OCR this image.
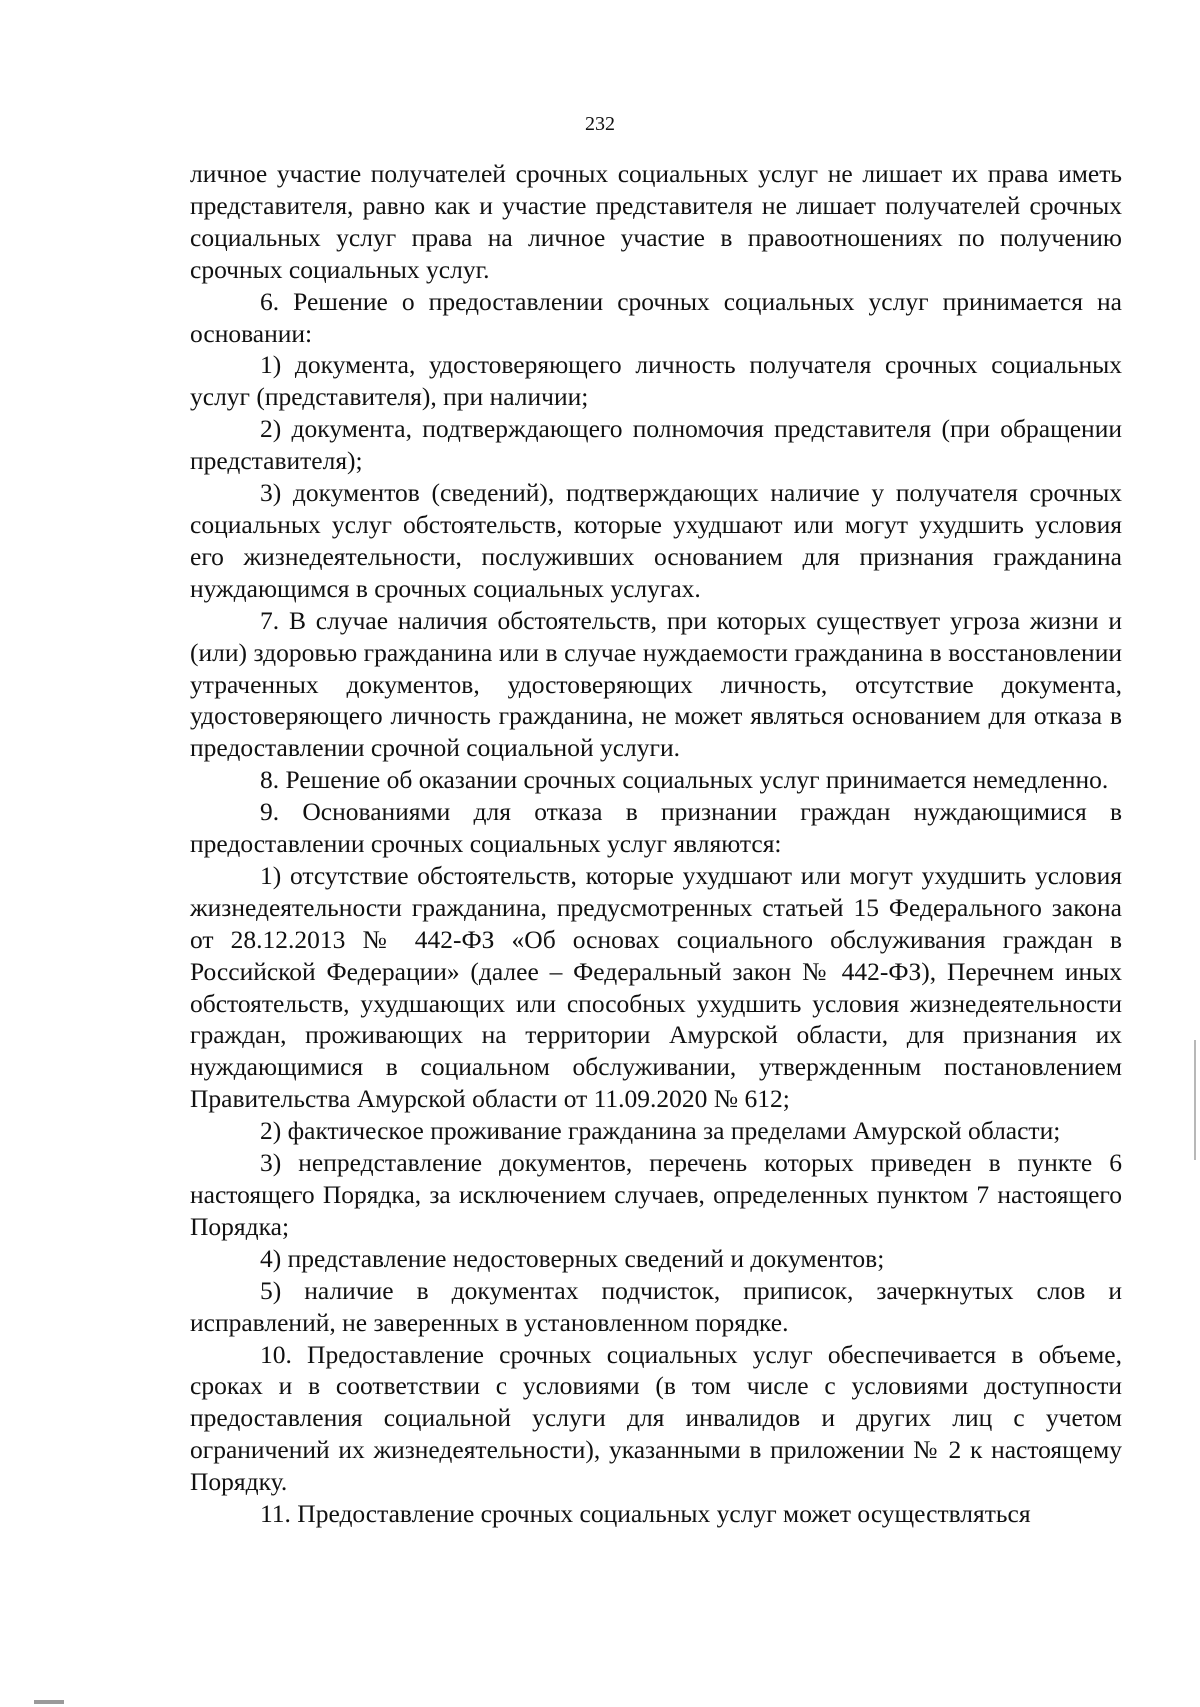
232

личное участие получателей срочных социальных услуг не лишает их права иметь представителя, равно как и участие представителя не лишает получателей срочных социальных услуг права на личное участие в правоотношениях по получению срочных социальных услуг.

6. Решение о предоставлении срочных социальных услуг принимается на основании:

1) документа, удостоверяющего личность получателя срочных социальных услуг (представителя), при наличии;

2) документа, подтверждающего полномочия представителя (при обращении представителя);

3) документов (сведений), подтверждающих наличие у получателя срочных социальных услуг обстоятельств, которые ухудшают или могут ухудшить условия его жизнедеятельности, послуживших основанием для признания гражданина нуждающимся в срочных социальных услугах.

7. В случае наличия обстоятельств, при которых существует угроза жизни и (или) здоровью гражданина или в случае нуждаемости гражданина в восстановлении утраченных документов, удостоверяющих личность, отсутствие документа, удостоверяющего личность гражданина, не может являться основанием для отказа в предоставлении срочной социальной услуги.

8. Решение об оказании срочных социальных услуг принимается немедленно.

9. Основаниями для отказа в признании граждан нуждающимися в предоставлении срочных социальных услуг являются:

1) отсутствие обстоятельств, которые ухудшают или могут ухудшить условия жизнедеятельности гражданина, предусмотренных статьей 15 Федерального закона от 28.12.2013 № 442-ФЗ «Об основах социального обслуживания граждан в Российской Федерации» (далее – Федеральный закон № 442-ФЗ), Перечнем иных обстоятельств, ухудшающих или способных ухудшить условия жизнедеятельности граждан, проживающих на территории Амурской области, для признания их нуждающимися в социальном обслуживании, утвержденным постановлением Правительства Амурской области от 11.09.2020 № 612;

2) фактическое проживание гражданина за пределами Амурской области;

3) непредставление документов, перечень которых приведен в пункте 6 настоящего Порядка, за исключением случаев, определенных пунктом 7 настоящего Порядка;

4) представление недостоверных сведений и документов;

5) наличие в документах подчисток, приписок, зачеркнутых слов и исправлений, не заверенных в установленном порядке.

10. Предоставление срочных социальных услуг обеспечивается в объеме, сроках и в соответствии с условиями (в том числе с условиями доступности предоставления социальной услуги для инвалидов и других лиц с учетом ограничений их жизнедеятельности), указанными в приложении № 2 к настоящему Порядку.

11. Предоставление срочных социальных услуг может осуществляться
